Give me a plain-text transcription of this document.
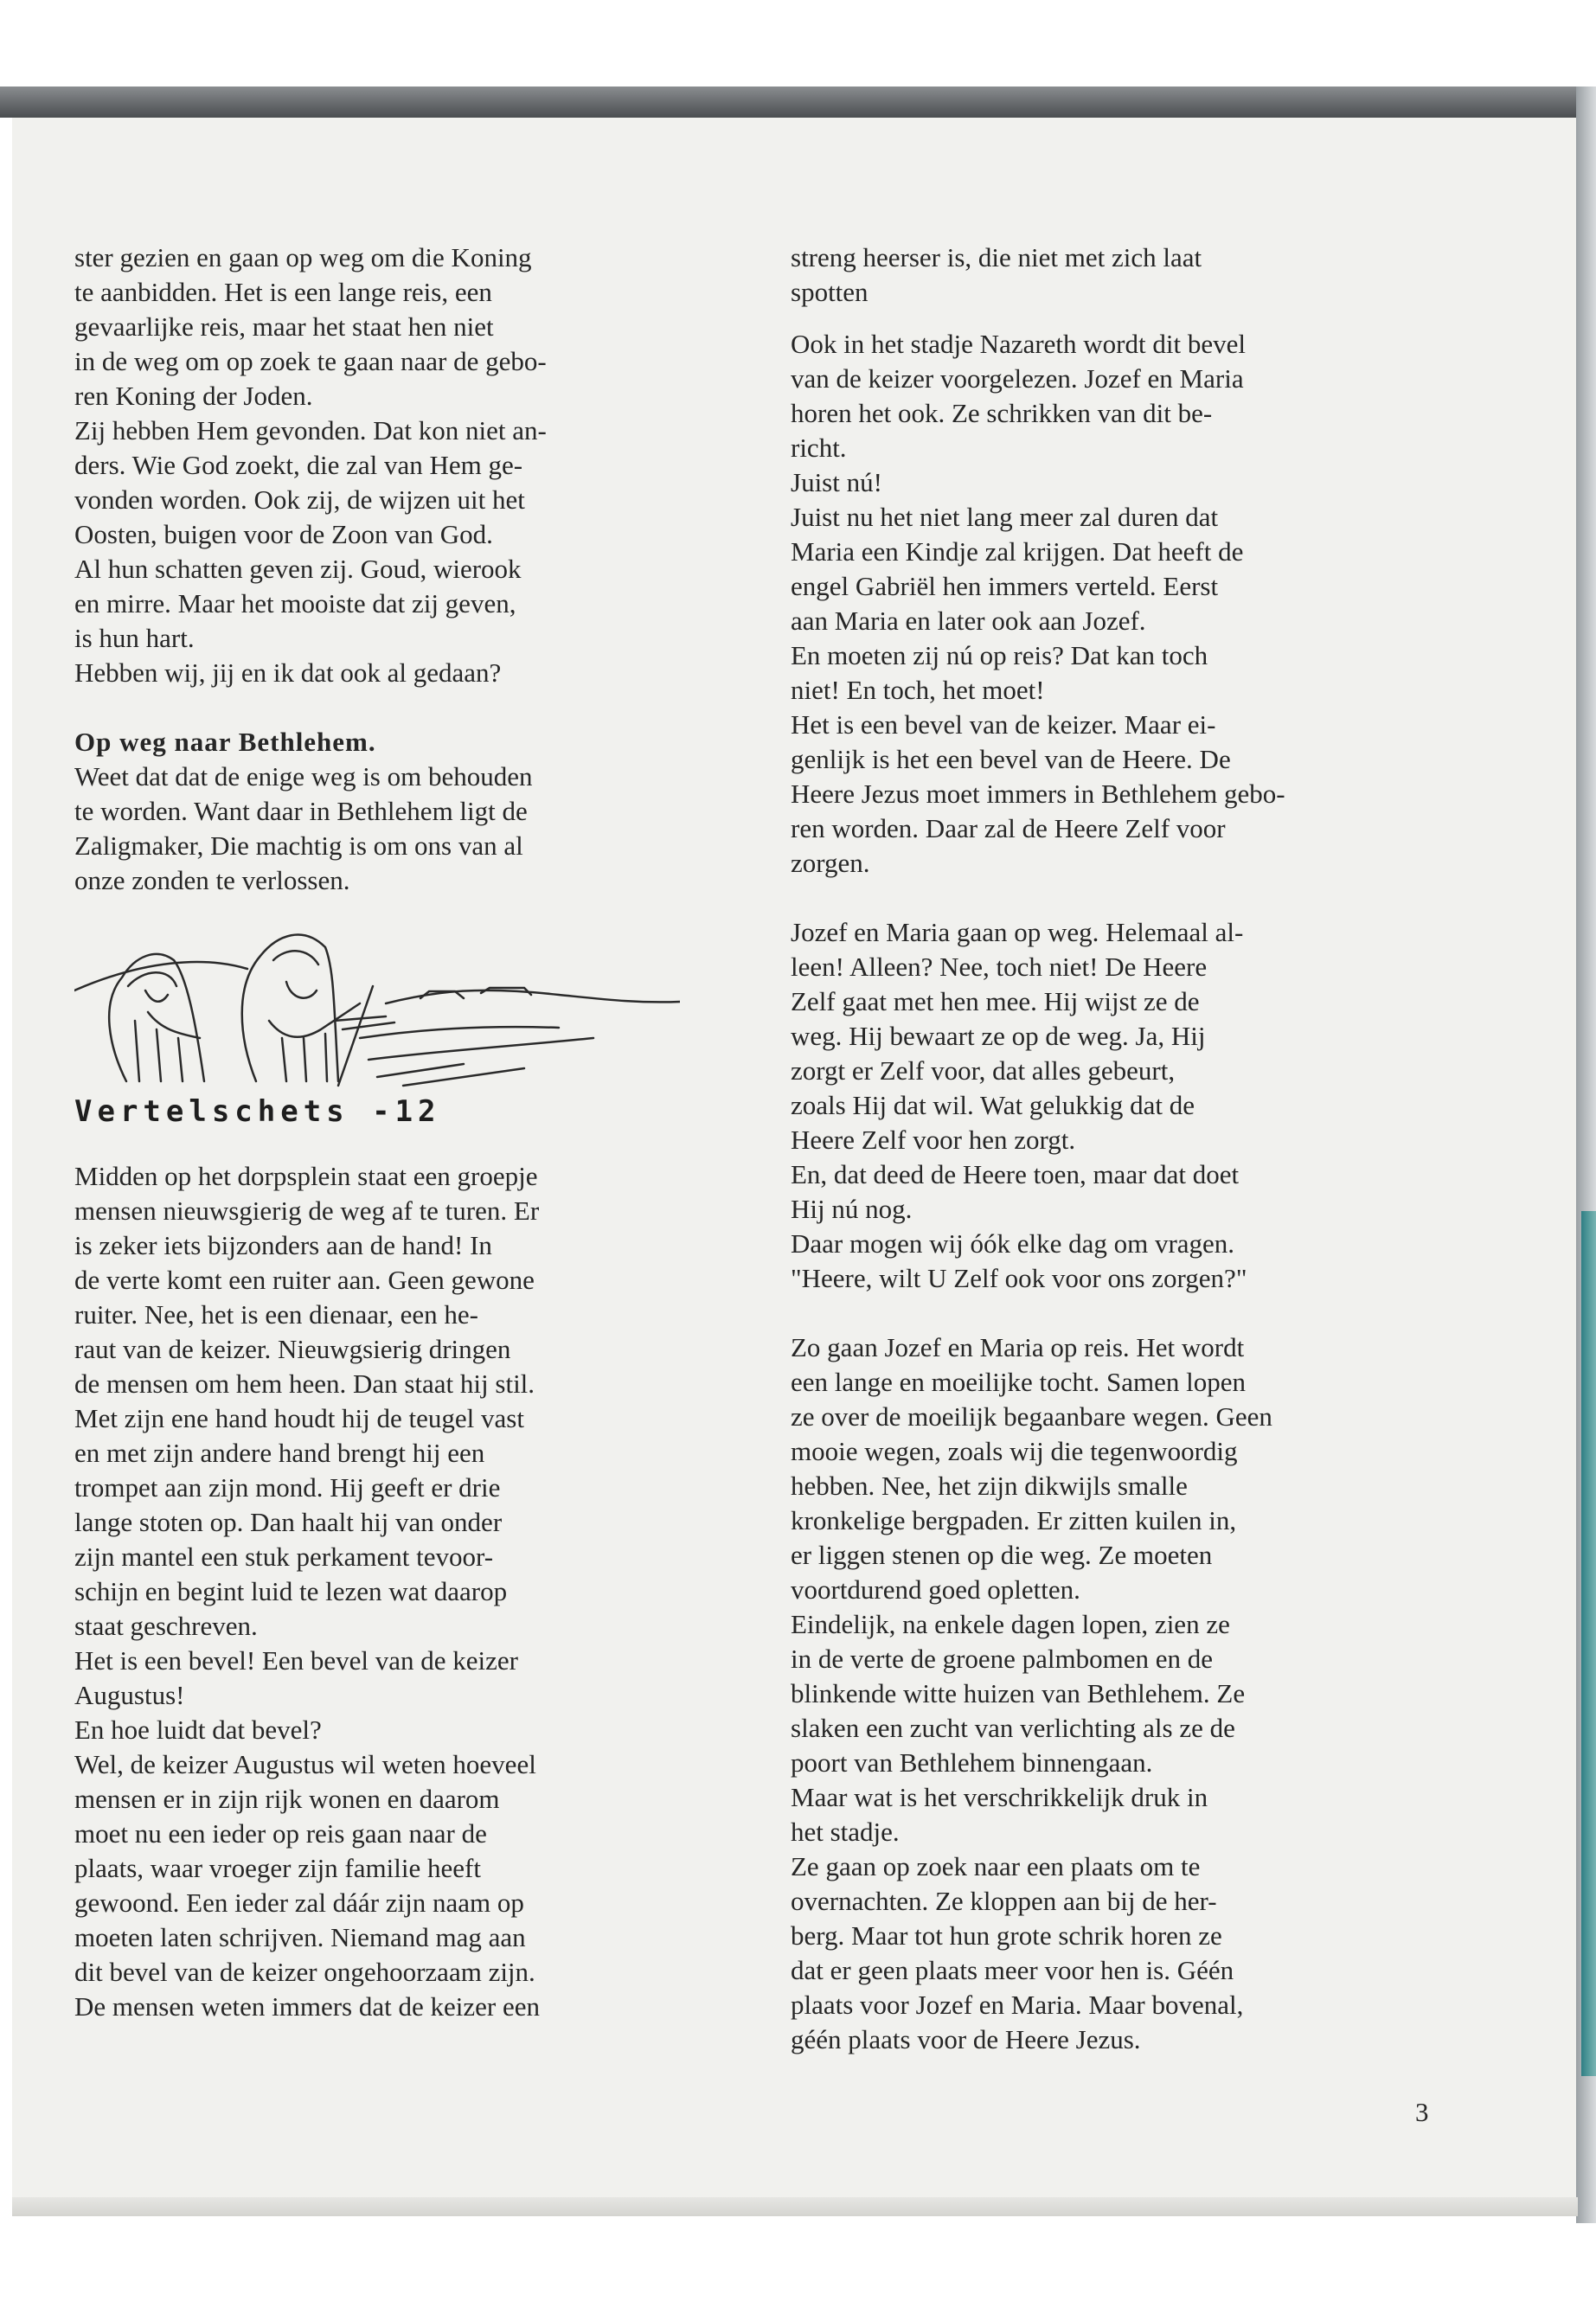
ster gezien en gaan op weg om die Koning
te aanbidden. Het is een lange reis, een
gevaarlijke reis, maar het staat hen niet
in de weg om op zoek te gaan naar de gebo-
ren Koning der Joden.

Zij hebben Hem gevonden. Dat kon niet an-
ders. Wie God zoekt, die zal van Hem ge-
vonden worden. Ook zij, de wijzen uit het
Oosten, buigen voor de Zoon van God.

Al hun schatten geven zij. Goud, wierook
en mirre. Maar het mooiste dat zij geven,
is hun hart.

Hebben wij, jij en ik dat ook al gedaan?

Op weg naar Bethlehem.

Weet dat dat de enige weg is om behouden
te worden. Want daar in Bethlehem ligt de
Zaligmaker, Die machtig is om ons van al
onze zonden te verlossen.

Vertelschets -12

Midden op het dorpsplein staat een groepje
mensen nieuwsgierig de weg af te turen. Er
is zeker iets bijzonders aan de hand! In
de verte komt een ruiter aan. Geen gewone
ruiter. Nee, het is een dienaar, een he-
raut van de keizer. Nieuwgsierig dringen
de mensen om hem heen. Dan staat hij stil.
Met zijn ene hand houdt hij de teugel vast
en met zijn andere hand brengt hij een
trompet aan zijn mond. Hij geeft er drie
lange stoten op. Dan haalt hij van onder
zijn mantel een stuk perkament tevoor-
schijn en begint luid te lezen wat daarop
staat geschreven.

Het is een bevel! Een bevel van de keizer
Augustus!

En hoe luidt dat bevel?

Wel, de keizer Augustus wil weten hoeveel
mensen er in zijn rijk wonen en daarom
moet nu een ieder op reis gaan naar de
plaats, waar vroeger zijn familie heeft
gewoond. Een ieder zal dáár zijn naam op
moeten laten schrijven. Niemand mag aan
dit bevel van de keizer ongehoorzaam zijn.
De mensen weten immers dat de keizer een

streng heerser is, die niet met zich laat
spotten

Ook in het stadje Nazareth wordt dit bevel
van de keizer voorgelezen. Jozef en Maria
horen het ook. Ze schrikken van dit be-
richt.

Juist nú!

Juist nu het niet lang meer zal duren dat
Maria een Kindje zal krijgen. Dat heeft de
engel Gabriël hen immers verteld. Eerst
aan Maria en later ook aan Jozef.

En moeten zij nú op reis? Dat kan toch
niet! En toch, het moet!

Het is een bevel van de keizer. Maar ei-
genlijk is het een bevel van de Heere. De
Heere Jezus moet immers in Bethlehem gebo-
ren worden. Daar zal de Heere Zelf voor
zorgen.

Jozef en Maria gaan op weg. Helemaal al-
leen! Alleen? Nee, toch niet! De Heere
Zelf gaat met hen mee. Hij wijst ze de
weg. Hij bewaart ze op de weg. Ja, Hij
zorgt er Zelf voor, dat alles gebeurt,
zoals Hij dat wil. Wat gelukkig dat de
Heere Zelf voor hen zorgt.

En, dat deed de Heere toen, maar dat doet
Hij nú nog.

Daar mogen wij óók elke dag om vragen.
"Heere, wilt U Zelf ook voor ons zorgen?"

Zo gaan Jozef en Maria op reis. Het wordt
een lange en moeilijke tocht. Samen lopen
ze over de moeilijk begaanbare wegen. Geen
mooie wegen, zoals wij die tegenwoordig
hebben. Nee, het zijn dikwijls smalle
kronkelige bergpaden. Er zitten kuilen in,
er liggen stenen op die weg. Ze moeten
voortdurend goed opletten.

Eindelijk, na enkele dagen lopen, zien ze
in de verte de groene palmbomen en de
blinkende witte huizen van Bethlehem. Ze
slaken een zucht van verlichting als ze de
poort van Bethlehem binnengaan.

Maar wat is het verschrikkelijk druk in
het stadje.

Ze gaan op zoek naar een plaats om te
overnachten. Ze kloppen aan bij de her-
berg. Maar tot hun grote schrik horen ze
dat er geen plaats meer voor hen is. Géén
plaats voor Jozef en Maria. Maar bovenal,
géén plaats voor de Heere Jezus.

3
